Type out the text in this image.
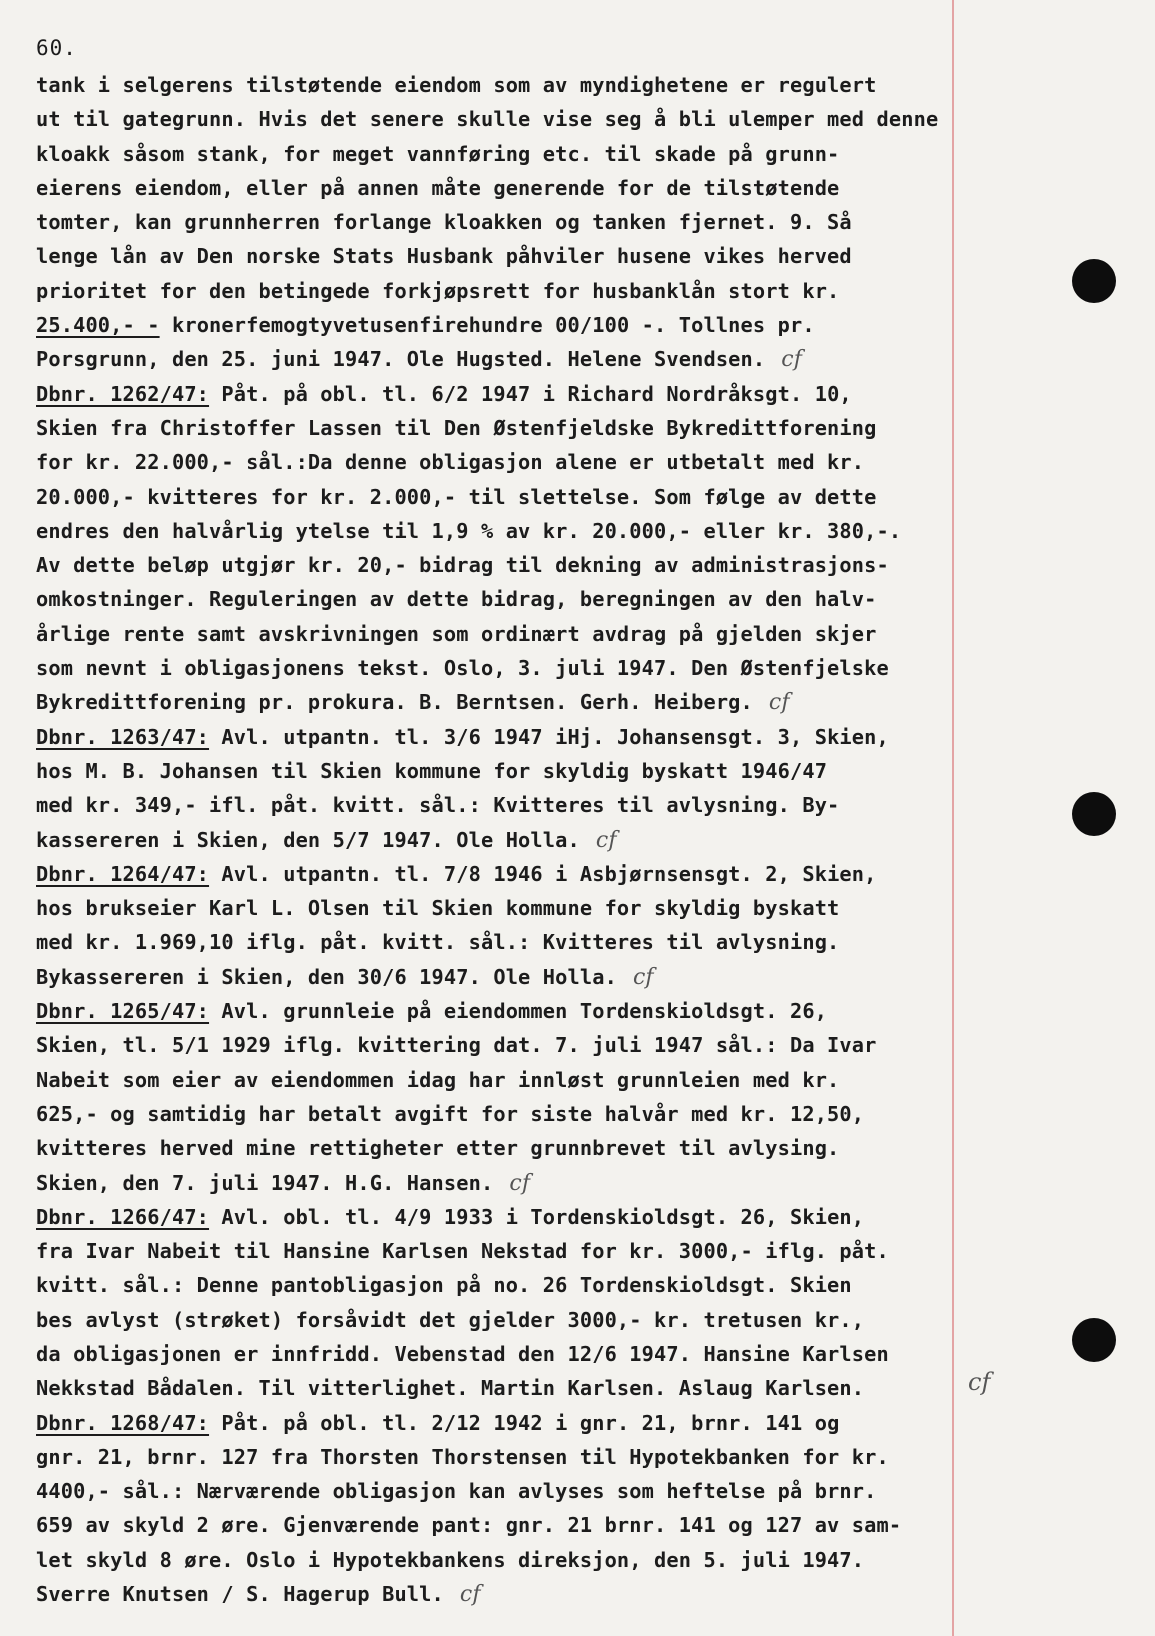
60.
tank i selgerens tilstøtende eiendom som av myndighetene er regulert
ut til gategrunn. Hvis det senere skulle vise seg å bli ulemper med denne
kloakk såsom stank, for meget vannføring etc. til skade på grunn-
eierens eiendom, eller på annen måte generende for de tilstøtende
tomter, kan grunnherren forlange kloakken og tanken fjernet. 9. Så
lenge lån av Den norske Stats Husbank påhviler husene vikes herved
prioritet for den betingede forkjøpsrett for husbanklån stort kr.
25.400,- - kronerfemogtyvetusenfirehundre 00/100 -. Tollnes pr.
Porsgrunn, den 25. juni 1947. Ole Hugsted. Helene Svendsen. cf
Dbnr. 1262/47: Påt. på obl. tl. 6/2 1947 i Richard Nordråksgt. 10,
Skien fra Christoffer Lassen til Den Østenfjeldske Bykredittforening
for kr. 22.000,- sål.:Da denne obligasjon alene er utbetalt med kr.
20.000,- kvitteres for kr. 2.000,- til slettelse. Som følge av dette
endres den halvårlig ytelse til 1,9 % av kr. 20.000,- eller kr. 380,-.
Av dette beløp utgjør kr. 20,- bidrag til dekning av administrasjons-
omkostninger. Reguleringen av dette bidrag, beregningen av den halv-
årlige rente samt avskrivningen som ordinært avdrag på gjelden skjer
som nevnt i obligasjonens tekst. Oslo, 3. juli 1947. Den Østenfjelske
Bykredittforening pr. prokura. B. Berntsen. Gerh. Heiberg. cf
Dbnr. 1263/47: Avl. utpantn. tl. 3/6 1947 iHj. Johansensgt. 3, Skien,
hos M. B. Johansen til Skien kommune for skyldig byskatt 1946/47
med kr. 349,- ifl. påt. kvitt. sål.: Kvitteres til avlysning. By-
kassereren i Skien, den 5/7 1947. Ole Holla. cf
Dbnr. 1264/47: Avl. utpantn. tl. 7/8 1946 i Asbjørnsensgt. 2, Skien,
hos brukseier Karl L. Olsen til Skien kommune for skyldig byskatt
med kr. 1.969,10 iflg. påt. kvitt. sål.: Kvitteres til avlysning.
Bykassereren i Skien, den 30/6 1947. Ole Holla. cf
Dbnr. 1265/47: Avl. grunnleie på eiendommen Tordenskioldsgt. 26,
Skien, tl. 5/1 1929 iflg. kvittering dat. 7. juli 1947 sål.: Da Ivar
Nabeit som eier av eiendommen idag har innløst grunnleien med kr.
625,- og samtidig har betalt avgift for siste halvår med kr. 12,50,
kvitteres herved mine rettigheter etter grunnbrevet til avlysing.
Skien, den 7. juli 1947. H.G. Hansen. cf
Dbnr. 1266/47: Avl. obl. tl. 4/9 1933 i Tordenskioldsgt. 26, Skien,
fra Ivar Nabeit til Hansine Karlsen Nekstad for kr. 3000,- iflg. påt.
kvitt. sål.: Denne pantobligasjon på no. 26 Tordenskioldsgt. Skien
bes avlyst (strøket) forsåvidt det gjelder 3000,- kr. tretusen kr.,
da obligasjonen er innfridd. Vebenstad den 12/6 1947. Hansine Karlsen
Nekkstad Bådalen. Til vitterlighet. Martin Karlsen. Aslaug Karlsen.
Dbnr. 1268/47: Påt. på obl. tl. 2/12 1942 i gnr. 21, brnr. 141 og
gnr. 21, brnr. 127 fra Thorsten Thorstensen til Hypotekbanken for kr.
4400,- sål.: Nærværende obligasjon kan avlyses som heftelse på brnr.
659 av skyld 2 øre. Gjenværende pant: gnr. 21 brnr. 141 og 127 av sam-
let skyld 8 øre. Oslo i Hypotekbankens direksjon, den 5. juli 1947.
Sverre Knutsen / S. Hagerup Bull. cf
cf
